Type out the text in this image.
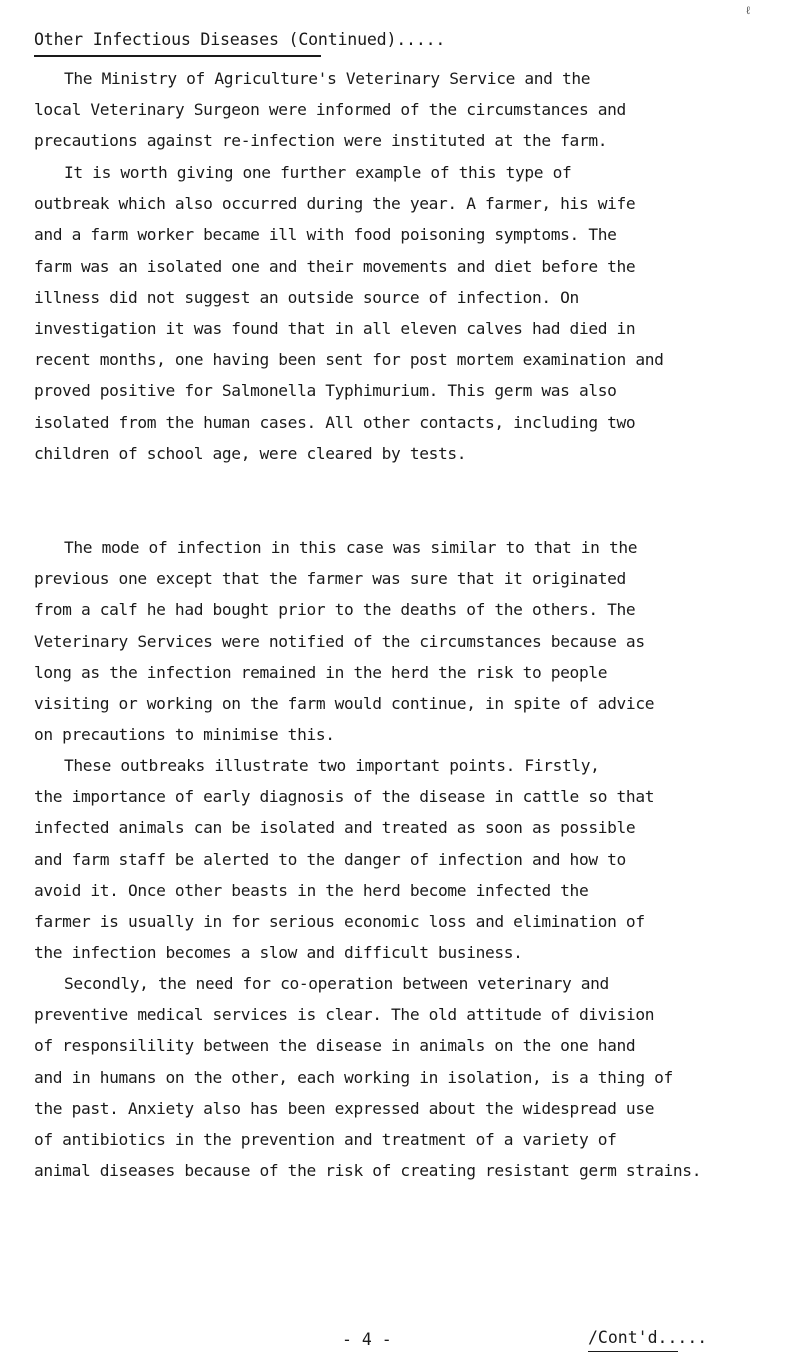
ℓ
Other Infectious Diseases (Continued).....
The Ministry of Agriculture's Veterinary Service and the
local Veterinary Surgeon were informed of the circumstances and
precautions against re-infection were instituted at the farm.
It is worth giving one further example of this type of
outbreak which also occurred during the year. A farmer, his wife
and a farm worker became ill with food poisoning symptoms. The
farm was an isolated one and their movements and diet before the
illness did not suggest an outside source of infection. On
investigation it was found that in all eleven calves had died in
recent months, one having been sent for post mortem examination and
proved positive for Salmonella Typhimurium. This germ was also
isolated from the human cases. All other contacts, including two
children of school age, were cleared by tests.
The mode of infection in this case was similar to that in the
previous one except that the farmer was sure that it originated
from a calf he had bought prior to the deaths of the others. The
Veterinary Services were notified of the circumstances because as
long as the infection remained in the herd the risk to people
visiting or working on the farm would continue, in spite of advice
on precautions to minimise this.
These outbreaks illustrate two important points. Firstly,
the importance of early diagnosis of the disease in cattle so that
infected animals can be isolated and treated as soon as possible
and farm staff be alerted to the danger of infection and how to
avoid it. Once other beasts in the herd become infected the
farmer is usually in for serious economic loss and elimination of
the infection becomes a slow and difficult business.
Secondly, the need for co-operation between veterinary and
preventive medical services is clear. The old attitude of division
of responsilility between the disease in animals on the one hand
and in humans on the other, each working in isolation, is a thing of
the past. Anxiety also has been expressed about the widespread use
of antibiotics in the prevention and treatment of a variety of
animal diseases because of the risk of creating resistant germ strains.
- 4 -	/Cont'd.....
